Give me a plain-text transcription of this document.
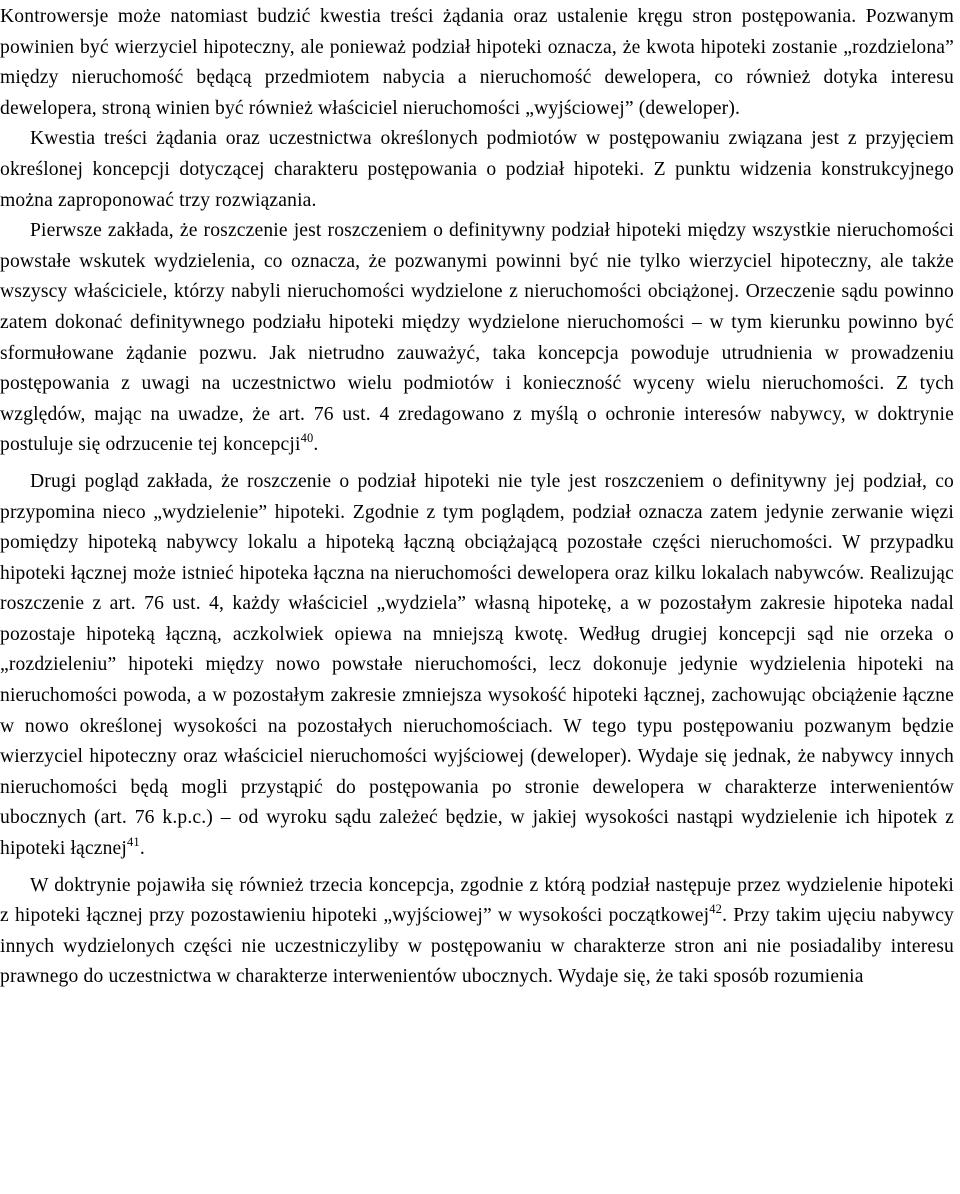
Kontrowersje może natomiast budzić kwestia treści żądania oraz ustalenie kręgu stron postępowania. Pozwanym powinien być wierzyciel hipoteczny, ale ponieważ podział hipoteki oznacza, że kwota hipoteki zostanie „rozdzielona” między nieruchomość będącą przedmiotem nabycia a nieruchomość dewelopera, co również dotyka interesu dewelopera, stroną winien być również właściciel nieruchomości „wyjściowej” (deweloper).

Kwestia treści żądania oraz uczestnictwa określonych podmiotów w postępowaniu związana jest z przyjęciem określonej koncepcji dotyczącej charakteru postępowania o podział hipoteki. Z punktu widzenia konstrukcyjnego można zaproponować trzy rozwiązania.

Pierwsze zakłada, że roszczenie jest roszczeniem o definitywny podział hipoteki między wszystkie nieruchomości powstałe wskutek wydzielenia, co oznacza, że pozwanymi powinni być nie tylko wierzyciel hipoteczny, ale także wszyscy właściciele, którzy nabyli nieruchomości wydzielone z nieruchomości obciążonej. Orzeczenie sądu powinno zatem dokonać definitywnego podziału hipoteki między wydzielone nieruchomości – w tym kierunku powinno być sformułowane żądanie pozwu. Jak nietrudno zauważyć, taka koncepcja powoduje utrudnienia w prowadzeniu postępowania z uwagi na uczestnictwo wielu podmiotów i konieczność wyceny wielu nieruchomości. Z tych względów, mając na uwadze, że art. 76 ust. 4 zredagowano z myślą o ochronie interesów nabywcy, w doktrynie postuluje się odrzucenie tej koncepcji$^{40}$.

Drugi pogląd zakłada, że roszczenie o podział hipoteki nie tyle jest roszczeniem o definitywny jej podział, co przypomina nieco „wydzielenie” hipoteki. Zgodnie z tym poglądem, podział oznacza zatem jedynie zerwanie więzi pomiędzy hipoteką nabywcy lokalu a hipoteką łączną obciążającą pozostałe części nieruchomości. W przypadku hipoteki łącznej może istnieć hipoteka łączna na nieruchomości dewelopera oraz kilku lokalach nabywców. Realizując roszczenie z art. 76 ust. 4, każdy właściciel „wydziela” własną hipotekę, a w pozostałym zakresie hipoteka nadal pozostaje hipoteką łączną, aczkolwiek opiewa na mniejszą kwotę. Według drugiej koncepcji sąd nie orzeka o „rozdzieleniu” hipoteki między nowo powstałe nieruchomości, lecz dokonuje jedynie wydzielenia hipoteki na nieruchomości powoda, a w pozostałym zakresie zmniejsza wysokość hipoteki łącznej, zachowując obciążenie łączne w nowo określonej wysokości na pozostałych nieruchomościach. W tego typu postępowaniu pozwanym będzie wierzyciel hipoteczny oraz właściciel nieruchomości wyjściowej (deweloper). Wydaje się jednak, że nabywcy innych nieruchomości będą mogli przystąpić do postępowania po stronie dewelopera w charakterze interwenientów ubocznych (art. 76 k.p.c.) – od wyroku sądu zależeć będzie, w jakiej wysokości nastąpi wydzielenie ich hipotek z hipoteki łącznej$^{41}$.

W doktrynie pojawiła się również trzecia koncepcja, zgodnie z którą podział następuje przez wydzielenie hipoteki z hipoteki łącznej przy pozostawieniu hipoteki „wyjściowej” w wysokości początkowej$^{42}$. Przy takim ujęciu nabywcy innych wydzielonych części nie uczestniczyliby w postępowaniu w charakterze stron ani nie posiadaliby interesu prawnego do uczestnictwa w charakterze interwenientów ubocznych. Wydaje się, że taki sposób rozumienia
